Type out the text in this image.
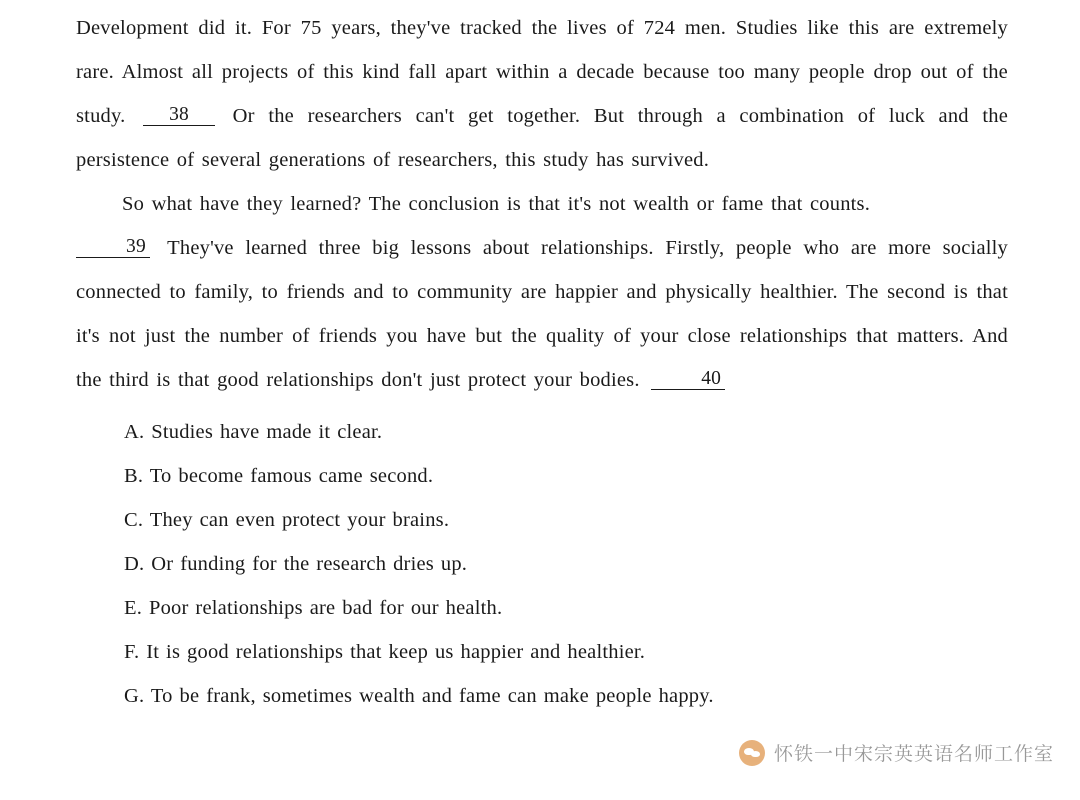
Development did it. For 75 years, they've tracked the lives of 724 men. Studies like this are extremely rare. Almost all projects of this kind fall apart within a decade because too many people drop out of the study. 38 Or the researchers can't get together. But through a combination of luck and the persistence of several generations of researchers, this study has survived.

So what have they learned? The conclusion is that it's not wealth or fame that counts.
39 They've learned three big lessons about relationships. Firstly, people who are more socially connected to family, to friends and to community are happier and physically healthier. The second is that it's not just the number of friends you have but the quality of your close relationships that matters. And the third is that good relationships don't just protect your bodies.	40

A. Studies have made it clear.
B. To become famous came second.
C. They can even protect your brains.
D. Or funding for the research dries up.
E. Poor relationships are bad for our health.
F. It is good relationships that keep us happier and healthier.
G. To be frank, sometimes wealth and fame can make people happy.
怀铁一中宋宗英英语名师工作室
